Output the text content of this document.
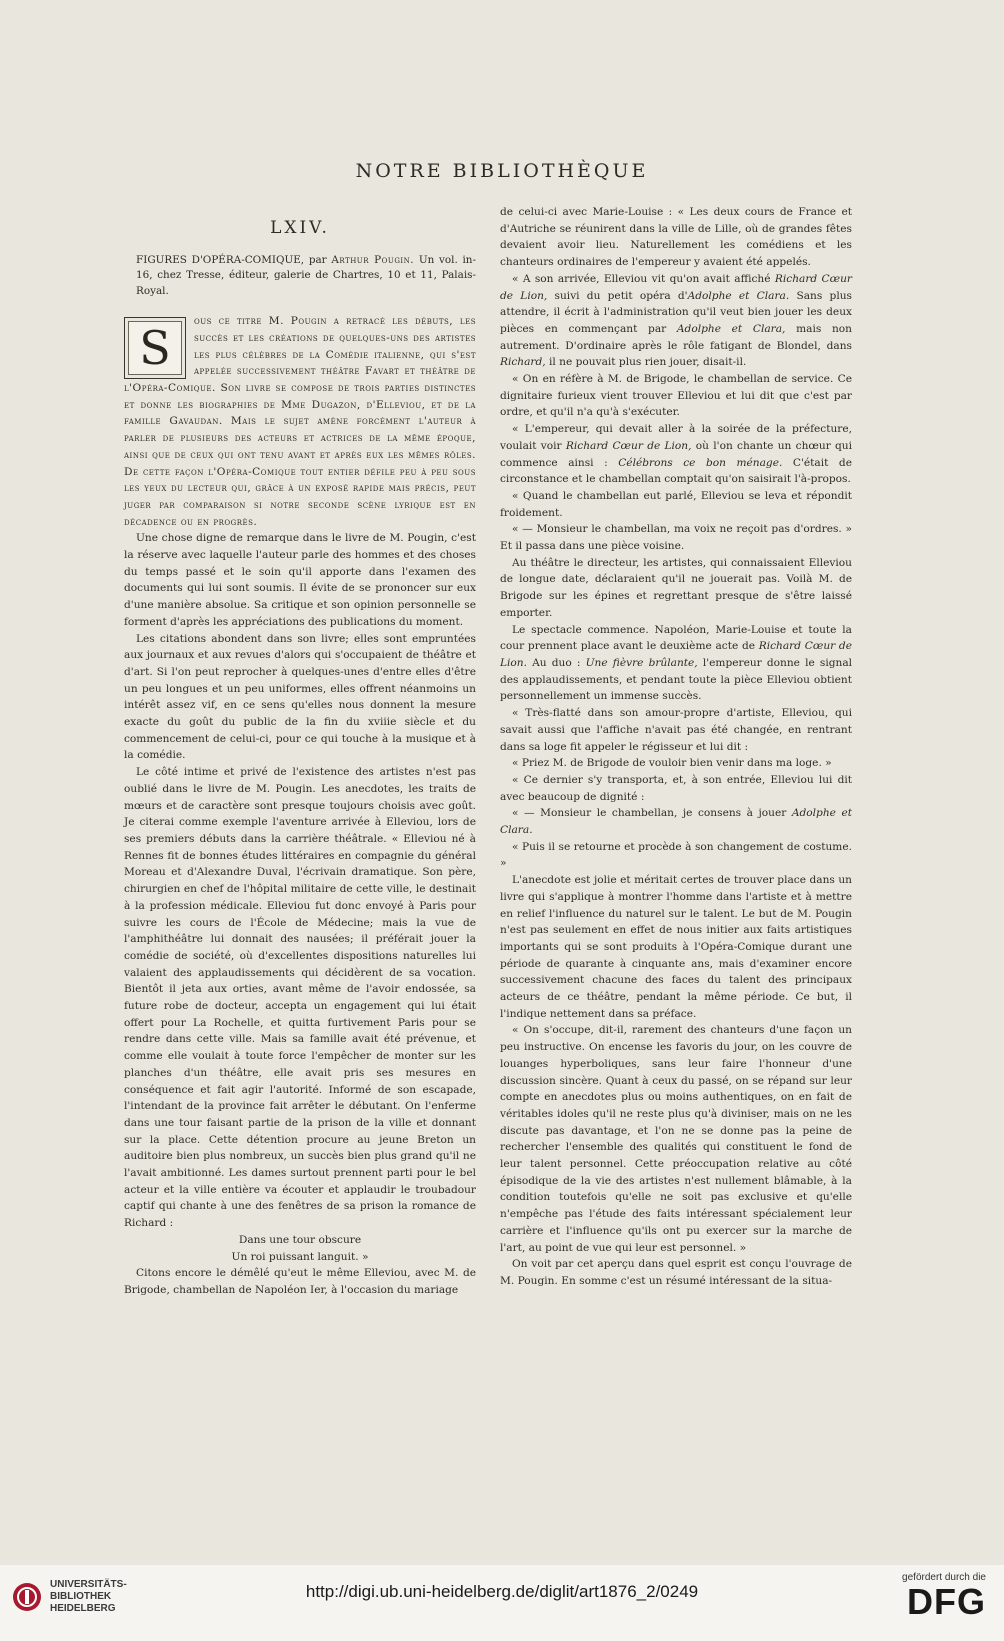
NOTRE BIBLIOTHÈQUE
LXIV.

FIGURES D'OPÉRA-COMIQUE, par Arthur Pougin. Un vol. in-16, chez Tresse, éditeur, galerie de Chartres, 10 et 11, Palais-Royal.

S	ous ce titre M. Pougin a retracé les débuts, les succès et les créations de quelques-uns des artistes les plus célèbres de la Comédie italienne, qui s'est appelée successivement théâtre Favart et théâtre de l'Opéra-Comique. Son livre se compose de trois parties distinctes et donne les biographies de Mme Dugazon, d'Elleviou, et de la famille Gavaudan. Mais le sujet amène forcément l'auteur à parler de plusieurs des acteurs et actrices de la même époque, ainsi que de ceux qui ont tenu avant et après eux les mêmes rôles. De cette façon l'Opéra-Comique tout entier défile peu à peu sous les yeux du lecteur qui, grâce à un exposé rapide mais précis, peut juger par comparaison si notre seconde scène lyrique est en décadence ou en progrès.

Une chose digne de remarque dans le livre de M. Pougin, c'est la réserve avec laquelle l'auteur parle des hommes et des choses du temps passé et le soin qu'il apporte dans l'examen des documents qui lui sont soumis. Il évite de se prononcer sur eux d'une manière absolue. Sa critique et son opinion personnelle se forment d'après les appréciations des publications du moment.

Les citations abondent dans son livre; elles sont empruntées aux journaux et aux revues d'alors qui s'occupaient de théâtre et d'art. Si l'on peut reprocher à quelques-unes d'entre elles d'être un peu longues et un peu uniformes, elles offrent néanmoins un intérêt assez vif, en ce sens qu'elles nous donnent la mesure exacte du goût du public de la fin du xviiie siècle et du commencement de celui-ci, pour ce qui touche à la musique et à la comédie.

Le côté intime et privé de l'existence des artistes n'est pas oublié dans le livre de M. Pougin. Les anecdotes, les traits de mœurs et de caractère sont presque toujours choisis avec goût. Je citerai comme exemple l'aventure arrivée à Elleviou, lors de ses premiers débuts dans la carrière théâtrale. « Elleviou né à Rennes fit de bonnes études littéraires en compagnie du général Moreau et d'Alexandre Duval, l'écrivain dramatique. Son père, chirurgien en chef de l'hôpital militaire de cette ville, le destinait à la profession médicale. Elleviou fut donc envoyé à Paris pour suivre les cours de l'École de Médecine; mais la vue de l'amphithéâtre lui donnait des nausées; il préférait jouer la comédie de société, où d'excellentes dispositions naturelles lui valaient des applaudissements qui décidèrent de sa vocation. Bientôt il jeta aux orties, avant même de l'avoir endossée, sa future robe de docteur, accepta un engagement qui lui était offert pour La Rochelle, et quitta furtivement Paris pour se rendre dans cette ville. Mais sa famille avait été prévenue, et comme elle voulait à toute force l'empêcher de monter sur les planches d'un théâtre, elle avait pris ses mesures en conséquence et fait agir l'autorité. Informé de son escapade, l'intendant de la province fait arrêter le débutant. On l'enferme dans une tour faisant partie de la prison de la ville et donnant sur la place. Cette détention procure au jeune Breton un auditoire bien plus nombreux, un succès bien plus grand qu'il ne l'avait ambitionné. Les dames surtout prennent parti pour le bel acteur et la ville entière va écouter et applaudir le troubadour captif qui chante à une des fenêtres de sa prison la romance de Richard :

Dans une tour obscure
Un roi puissant languit. »

Citons encore le démêlé qu'eut le même Elleviou, avec M. de Brigode, chambellan de Napoléon Ier, à l'occasion du mariage

de celui-ci avec Marie-Louise : « Les deux cours de France et d'Autriche se réunirent dans la ville de Lille, où de grandes fêtes devaient avoir lieu. Naturellement les comédiens et les chanteurs ordinaires de l'empereur y avaient été appelés.

« A son arrivée, Elleviou vit qu'on avait affiché Richard Cœur de Lion, suivi du petit opéra d'Adolphe et Clara. Sans plus attendre, il écrit à l'administration qu'il veut bien jouer les deux pièces en commençant par Adolphe et Clara, mais non autrement. D'ordinaire après le rôle fatigant de Blondel, dans Richard, il ne pouvait plus rien jouer, disait-il.

« On en réfère à M. de Brigode, le chambellan de service. Ce dignitaire furieux vient trouver Elleviou et lui dit que c'est par ordre, et qu'il n'a qu'à s'exécuter.

« L'empereur, qui devait aller à la soirée de la préfecture, voulait voir Richard Cœur de Lion, où l'on chante un chœur qui commence ainsi : Célébrons ce bon ménage. C'était de circonstance et le chambellan comptait qu'on saisirait l'à-propos.

« Quand le chambellan eut parlé, Elleviou se leva et répondit froidement.

« — Monsieur le chambellan, ma voix ne reçoit pas d'ordres. » Et il passa dans une pièce voisine.

Au théâtre le directeur, les artistes, qui connaissaient Elleviou de longue date, déclaraient qu'il ne jouerait pas. Voilà M. de Brigode sur les épines et regrettant presque de s'être laissé emporter.

Le spectacle commence. Napoléon, Marie-Louise et toute la cour prennent place avant le deuxième acte de Richard Cœur de Lion. Au duo : Une fièvre brûlante, l'empereur donne le signal des applaudissements, et pendant toute la pièce Elleviou obtient personnellement un immense succès.

« Très-flatté dans son amour-propre d'artiste, Elleviou, qui savait aussi que l'affiche n'avait pas été changée, en rentrant dans sa loge fit appeler le régisseur et lui dit :

« Priez M. de Brigode de vouloir bien venir dans ma loge. »

« Ce dernier s'y transporta, et, à son entrée, Elleviou lui dit avec beaucoup de dignité :

« — Monsieur le chambellan, je consens à jouer Adolphe et Clara.

« Puis il se retourne et procède à son changement de costume. »

L'anecdote est jolie et méritait certes de trouver place dans un livre qui s'applique à montrer l'homme dans l'artiste et à mettre en relief l'influence du naturel sur le talent. Le but de M. Pougin n'est pas seulement en effet de nous initier aux faits artistiques importants qui se sont produits à l'Opéra-Comique durant une période de quarante à cinquante ans, mais d'examiner encore successivement chacune des faces du talent des principaux acteurs de ce théâtre, pendant la même période. Ce but, il l'indique nettement dans sa préface.

« On s'occupe, dit-il, rarement des chanteurs d'une façon un peu instructive. On encense les favoris du jour, on les couvre de louanges hyperboliques, sans leur faire l'honneur d'une discussion sincère. Quant à ceux du passé, on se répand sur leur compte en anecdotes plus ou moins authentiques, on en fait de véritables idoles qu'il ne reste plus qu'à diviniser, mais on ne les discute pas davantage, et l'on ne se donne pas la peine de rechercher l'ensemble des qualités qui constituent le fond de leur talent personnel. Cette préoccupation relative au côté épisodique de la vie des artistes n'est nullement blâmable, à la condition toutefois qu'elle ne soit pas exclusive et qu'elle n'empêche pas l'étude des faits intéressant spécialement leur carrière et l'influence qu'ils ont pu exercer sur la marche de l'art, au point de vue qui leur est personnel. »

On voit par cet aperçu dans quel esprit est conçu l'ouvrage de M. Pougin. En somme c'est un résumé intéressant de la situa-

UNIVERSITÄTS-
BIBLIOTHEK
HEIDELBERG
http://digi.ub.uni-heidelberg.de/diglit/art1876_2/0249
gefördert durch die
DFG
